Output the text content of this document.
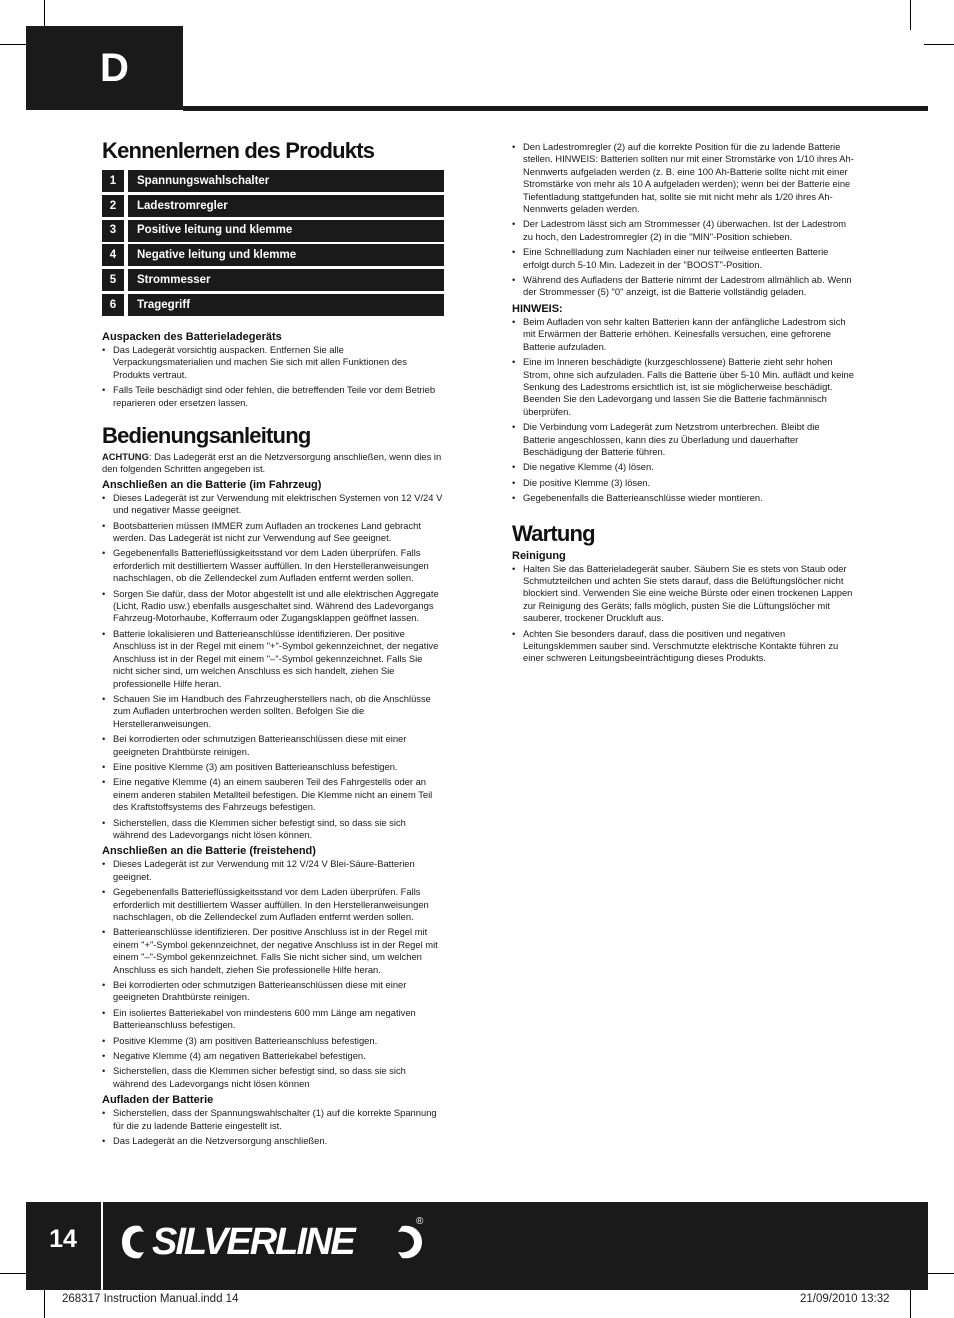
D
Kennenlernen des Produkts
1	Spannungswahlschalter
2	Ladestromregler
3	Positive leitung und klemme
4	Negative leitung und klemme
5	Strommesser
6	Tragegriff
Auspacken des Batterieladegeräts
• Das Ladegerät vorsichtig auspacken. Entfernen Sie alle Verpackungsmaterialien und machen Sie sich mit allen Funktionen des Produkts vertraut.
• Falls Teile beschädigt sind oder fehlen, die betreffenden Teile vor dem Betrieb reparieren oder ersetzen lassen.
Bedienungsanleitung

ACHTUNG: Das Ladegerät erst an die Netzversorgung anschließen, wenn dies in den folgenden Schritten angegeben ist.

Anschließen an die Batterie (im Fahrzeug)
• Dieses Ladegerät ist zur Verwendung mit elektrischen Systemen von 12 V/24 V und negativer Masse geeignet.
• Bootsbatterien müssen IMMER zum Aufladen an trockenes Land gebracht werden. Das Ladegerät ist nicht zur Verwendung auf See geeignet.
• Gegebenenfalls Batterieflüssigkeitsstand vor dem Laden überprüfen. Falls erforderlich mit destilliertem Wasser auffüllen. In den Herstelleranweisungen nachschlagen, ob die Zellendeckel zum Aufladen entfernt werden sollen.
• Sorgen Sie dafür, dass der Motor abgestellt ist und alle elektrischen Aggregate (Licht, Radio usw.) ebenfalls ausgeschaltet sind. Während des Ladevorgangs Fahrzeug-Motorhaube, Kofferraum oder Zugangsklappen geöffnet lassen.
• Batterie lokalisieren und Batterieanschlüsse identifizieren. Der positive Anschluss ist in der Regel mit einem "+"-Symbol gekennzeichnet, der negative Anschluss ist in der Regel mit einem "–"-Symbol gekennzeichnet. Falls Sie nicht sicher sind, um welchen Anschluss es sich handelt, ziehen Sie professionelle Hilfe heran.
• Schauen Sie im Handbuch des Fahrzeugherstellers nach, ob die Anschlüsse zum Aufladen unterbrochen werden sollten. Befolgen Sie die Herstelleranweisungen.
• Bei korrodierten oder schmutzigen Batterieanschlüssen diese mit einer geeigneten Drahtbürste reinigen.
• Eine positive Klemme (3) am positiven Batterieanschluss befestigen.
• Eine negative Klemme (4) an einem sauberen Teil des Fahrgestells oder an einem anderen stabilen Metallteil befestigen. Die Klemme nicht an einem Teil des Kraftstoffsystems des Fahrzeugs befestigen.
• Sicherstellen, dass die Klemmen sicher befestigt sind, so dass sie sich während des Ladevorgangs nicht lösen können.
Anschließen an die Batterie (freistehend)
• Dieses Ladegerät ist zur Verwendung mit 12 V/24 V Blei-Säure-Batterien geeignet.
• Gegebenenfalls Batterieflüssigkeitsstand vor dem Laden überprüfen. Falls erforderlich mit destilliertem Wasser auffüllen. In den Herstelleranweisungen nachschlagen, ob die Zellendeckel zum Aufladen entfernt werden sollen.
• Batterieanschlüsse identifizieren. Der positive Anschluss ist in der Regel mit einem "+"-Symbol gekennzeichnet, der negative Anschluss ist in der Regel mit einem "–"-Symbol gekennzeichnet. Falls Sie nicht sicher sind, um welchen Anschluss es sich handelt, ziehen Sie professionelle Hilfe heran.
• Bei korrodierten oder schmutzigen Batterieanschlüssen diese mit einer geeigneten Drahtbürste reinigen.
• Ein isoliertes Batteriekabel von mindestens 600 mm Länge am negativen Batterieanschluss befestigen.
• Positive Klemme (3) am positiven Batterieanschluss befestigen.
• Negative Klemme (4) am negativen Batteriekabel befestigen.
• Sicherstellen, dass die Klemmen sicher befestigt sind, so dass sie sich während des Ladevorgangs nicht lösen können
Aufladen der Batterie
• Sicherstellen, dass der Spannungswahlschalter (1) auf die korrekte Spannung für die zu ladende Batterie eingestellt ist.
• Das Ladegerät an die Netzversorgung anschließen.
• Den Ladestromregler (2) auf die korrekte Position für die zu ladende Batterie stellen. HINWEIS: Batterien sollten nur mit einer Stromstärke von 1/10 ihres Ah-Nennwerts aufgeladen werden (z. B. eine 100 Ah-Batterie sollte nicht mit einer Stromstärke von mehr als 10 A aufgeladen werden); wenn bei der Batterie eine Tiefentladung stattgefunden hat, sollte sie mit nicht mehr als 1/20 ihres Ah-Nennwerts geladen werden.
• Der Ladestrom lässt sich am Strommesser (4) überwachen. Ist der Ladestrom zu hoch, den Ladestromregler (2) in die "MIN"-Position schieben.
• Eine Schnellladung zum Nachladen einer nur teilweise entleerten Batterie erfolgt durch 5-10 Min. Ladezeit in der "BOOST"-Position.
• Während des Aufladens der Batterie nimmt der Ladestrom allmählich ab. Wenn der Strommesser (5) "0" anzeigt, ist die Batterie vollständig geladen.
HINWEIS:
• Beim Aufladen von sehr kalten Batterien kann der anfängliche Ladestrom sich mit Erwärmen der Batterie erhöhen. Keinesfalls versuchen, eine gefrorene Batterie aufzuladen.
• Eine im Inneren beschädigte (kurzgeschlossene) Batterie zieht sehr hohen Strom, ohne sich aufzuladen. Falls die Batterie über 5-10 Min. auflädt und keine Senkung des Ladestroms ersichtlich ist, ist sie möglicherweise beschädigt. Beenden Sie den Ladevorgang und lassen Sie die Batterie fachmännisch überprüfen.
• Die Verbindung vom Ladegerät zum Netzstrom unterbrechen. Bleibt die Batterie angeschlossen, kann dies zu Überladung und dauerhafter Beschädigung der Batterie führen.
• Die negative Klemme (4) lösen.
• Die positive Klemme (3) lösen.
• Gegebenenfalls die Batterieanschlüsse wieder montieren.
Wartung
Reinigung
• Halten Sie das Batterieladegerät sauber. Säubern Sie es stets von Staub oder Schmutzteilchen und achten Sie stets darauf, dass die Belüftungslöcher nicht blockiert sind. Verwenden Sie eine weiche Bürste oder einen trockenen Lappen zur Reinigung des Geräts; falls möglich, pusten Sie die Lüftungslöcher mit sauberer, trockener Druckluft aus.
• Achten Sie besonders darauf, dass die positiven und negativen Leitungsklemmen sauber sind. Verschmutzte elektrische Kontakte führen zu einer schweren Leitungsbeeinträchtigung dieses Produkts.
14	SILVERLINE	®
268317 Instruction Manual.indd 14	21/09/2010 13:32
